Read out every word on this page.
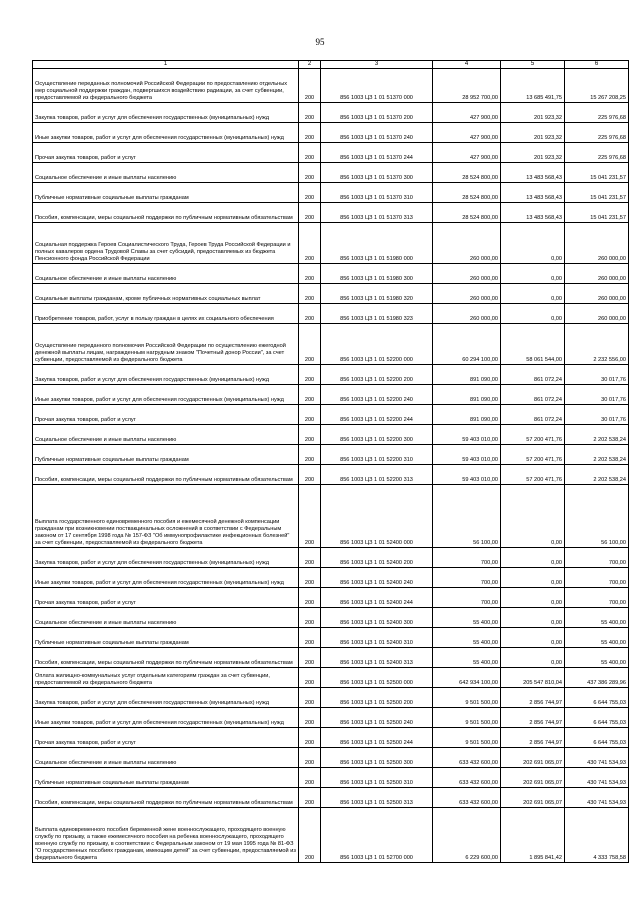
95
1	2	3	4	5	6
Осуществление переданных полномочий Российской Федерации по предоставлению отдельных мер социальной поддержки граждан, подвергшихся воздействию радиации, за счет субвенции, предоставляемой из федерального бюджета	200	856 1003 ЦЗ 1 01 51370 000	28 952 700,00	13 685 491,75	15 267 208,25
Закупка товаров, работ и услуг для обеспечения государственных (муниципальных) нужд	200	856 1003 ЦЗ 1 01 51370 200	427 900,00	201 923,32	225 976,68
Иные закупки товаров, работ и услуг для обеспечения государственных (муниципальных) нужд	200	856 1003 ЦЗ 1 01 51370 240	427 900,00	201 923,32	225 976,68
Прочая закупка товаров, работ и услуг	200	856 1003 ЦЗ 1 01 51370 244	427 900,00	201 923,32	225 976,68
Социальное обеспечение и иные выплаты населению	200	856 1003 ЦЗ 1 01 51370 300	28 524 800,00	13 483 568,43	15 041 231,57
Публичные нормативные социальные выплаты гражданам	200	856 1003 ЦЗ 1 01 51370 310	28 524 800,00	13 483 568,43	15 041 231,57
Пособия, компенсации, меры социальной поддержки по публичным нормативным обязательствам	200	856 1003 ЦЗ 1 01 51370 313	28 524 800,00	13 483 568,43	15 041 231,57
Социальная поддержка Героев Социалистического Труда, Героев Труда Российской Федерации и полных кавалеров ордена Трудовой Славы за счет субсидий, предоставляемых из бюджета Пенсионного фонда Российской Федерации	200	856 1003 ЦЗ 1 01 51980 000	260 000,00	0,00	260 000,00
Социальное обеспечение и иные выплаты населению	200	856 1003 ЦЗ 1 01 51980 300	260 000,00	0,00	260 000,00
Социальные выплаты гражданам, кроме публичных нормативных социальных выплат	200	856 1003 ЦЗ 1 01 51980 320	260 000,00	0,00	260 000,00
Приобретение товаров, работ, услуг в пользу граждан в целях их социального обеспечения	200	856 1003 ЦЗ 1 01 51980 323	260 000,00	0,00	260 000,00
Осуществление переданного полномочия Российской Федерации по осуществлению ежегодной денежной выплаты лицам, награжденным нагрудным знаком "Почетный донор России", за счет субвенции, предоставляемой из федерального бюджета	200	856 1003 ЦЗ 1 01 52200 000	60 294 100,00	58 061 544,00	2 232 556,00
Закупка товаров, работ и услуг для обеспечения государственных (муниципальных) нужд	200	856 1003 ЦЗ 1 01 52200 200	891 090,00	861 072,24	30 017,76
Иные закупки товаров, работ и услуг для обеспечения государственных (муниципальных) нужд	200	856 1003 ЦЗ 1 01 52200 240	891 090,00	861 072,24	30 017,76
Прочая закупка товаров, работ и услуг	200	856 1003 ЦЗ 1 01 52200 244	891 090,00	861 072,24	30 017,76
Социальное обеспечение и иные выплаты населению	200	856 1003 ЦЗ 1 01 52200 300	59 403 010,00	57 200 471,76	2 202 538,24
Публичные нормативные социальные выплаты гражданам	200	856 1003 ЦЗ 1 01 52200 310	59 403 010,00	57 200 471,76	2 202 538,24
Пособия, компенсации, меры социальной поддержки по публичным нормативным обязательствам	200	856 1003 ЦЗ 1 01 52200 313	59 403 010,00	57 200 471,76	2 202 538,24
Выплата государственного единовременного пособия и ежемесячной денежной компенсации гражданам при возникновении поствакцинальных осложнений в соответствии с Федеральным законом от 17 сентября 1998 года № 157-ФЗ "Об иммунопрофилактике инфекционных болезней" за счет субвенции, предоставляемой из федерального бюджета	200	856 1003 ЦЗ 1 01 52400 000	56 100,00	0,00	56 100,00
Закупка товаров, работ и услуг для обеспечения государственных (муниципальных) нужд	200	856 1003 ЦЗ 1 01 52400 200	700,00	0,00	700,00
Иные закупки товаров, работ и услуг для обеспечения государственных (муниципальных) нужд	200	856 1003 ЦЗ 1 01 52400 240	700,00	0,00	700,00
Прочая закупка товаров, работ и услуг	200	856 1003 ЦЗ 1 01 52400 244	700,00	0,00	700,00
Социальное обеспечение и иные выплаты населению	200	856 1003 ЦЗ 1 01 52400 300	55 400,00	0,00	55 400,00
Публичные нормативные социальные выплаты гражданам	200	856 1003 ЦЗ 1 01 52400 310	55 400,00	0,00	55 400,00
Пособия, компенсации, меры социальной поддержки по публичным нормативным обязательствам	200	856 1003 ЦЗ 1 01 52400 313	55 400,00	0,00	55 400,00
Оплата жилищно-коммунальных услуг отдельным категориям граждан за счет субвенции, предоставляемой из федерального бюджета	200	856 1003 ЦЗ 1 01 52500 000	642 934 100,00	205 547 810,04	437 386 289,96
Закупка товаров, работ и услуг для обеспечения государственных (муниципальных) нужд	200	856 1003 ЦЗ 1 01 52500 200	9 501 500,00	2 856 744,97	6 644 755,03
Иные закупки товаров, работ и услуг для обеспечения государственных (муниципальных) нужд	200	856 1003 ЦЗ 1 01 52500 240	9 501 500,00	2 856 744,97	6 644 755,03
Прочая закупка товаров, работ и услуг	200	856 1003 ЦЗ 1 01 52500 244	9 501 500,00	2 856 744,97	6 644 755,03
Социальное обеспечение и иные выплаты населению	200	856 1003 ЦЗ 1 01 52500 300	633 432 600,00	202 691 065,07	430 741 534,93
Публичные нормативные социальные выплаты гражданам	200	856 1003 ЦЗ 1 01 52500 310	633 432 600,00	202 691 065,07	430 741 534,93
Пособия, компенсации, меры социальной поддержки по публичным нормативным обязательствам	200	856 1003 ЦЗ 1 01 52500 313	633 432 600,00	202 691 065,07	430 741 534,93
Выплата единовременного пособия беременной жене военнослужащего, проходящего военную службу по призыву, а также ежемесячного пособия на ребенка военнослужащего, проходящего военную службу по призыву, в соответствии с Федеральным законом от 19 мая 1995 года № 81-ФЗ "О государственных пособиях гражданам, имеющим детей" за счет субвенции, предоставляемой из федерального бюджета	200	856 1003 ЦЗ 1 01 52700 000	6 229 600,00	1 895 841,42	4 333 758,58
